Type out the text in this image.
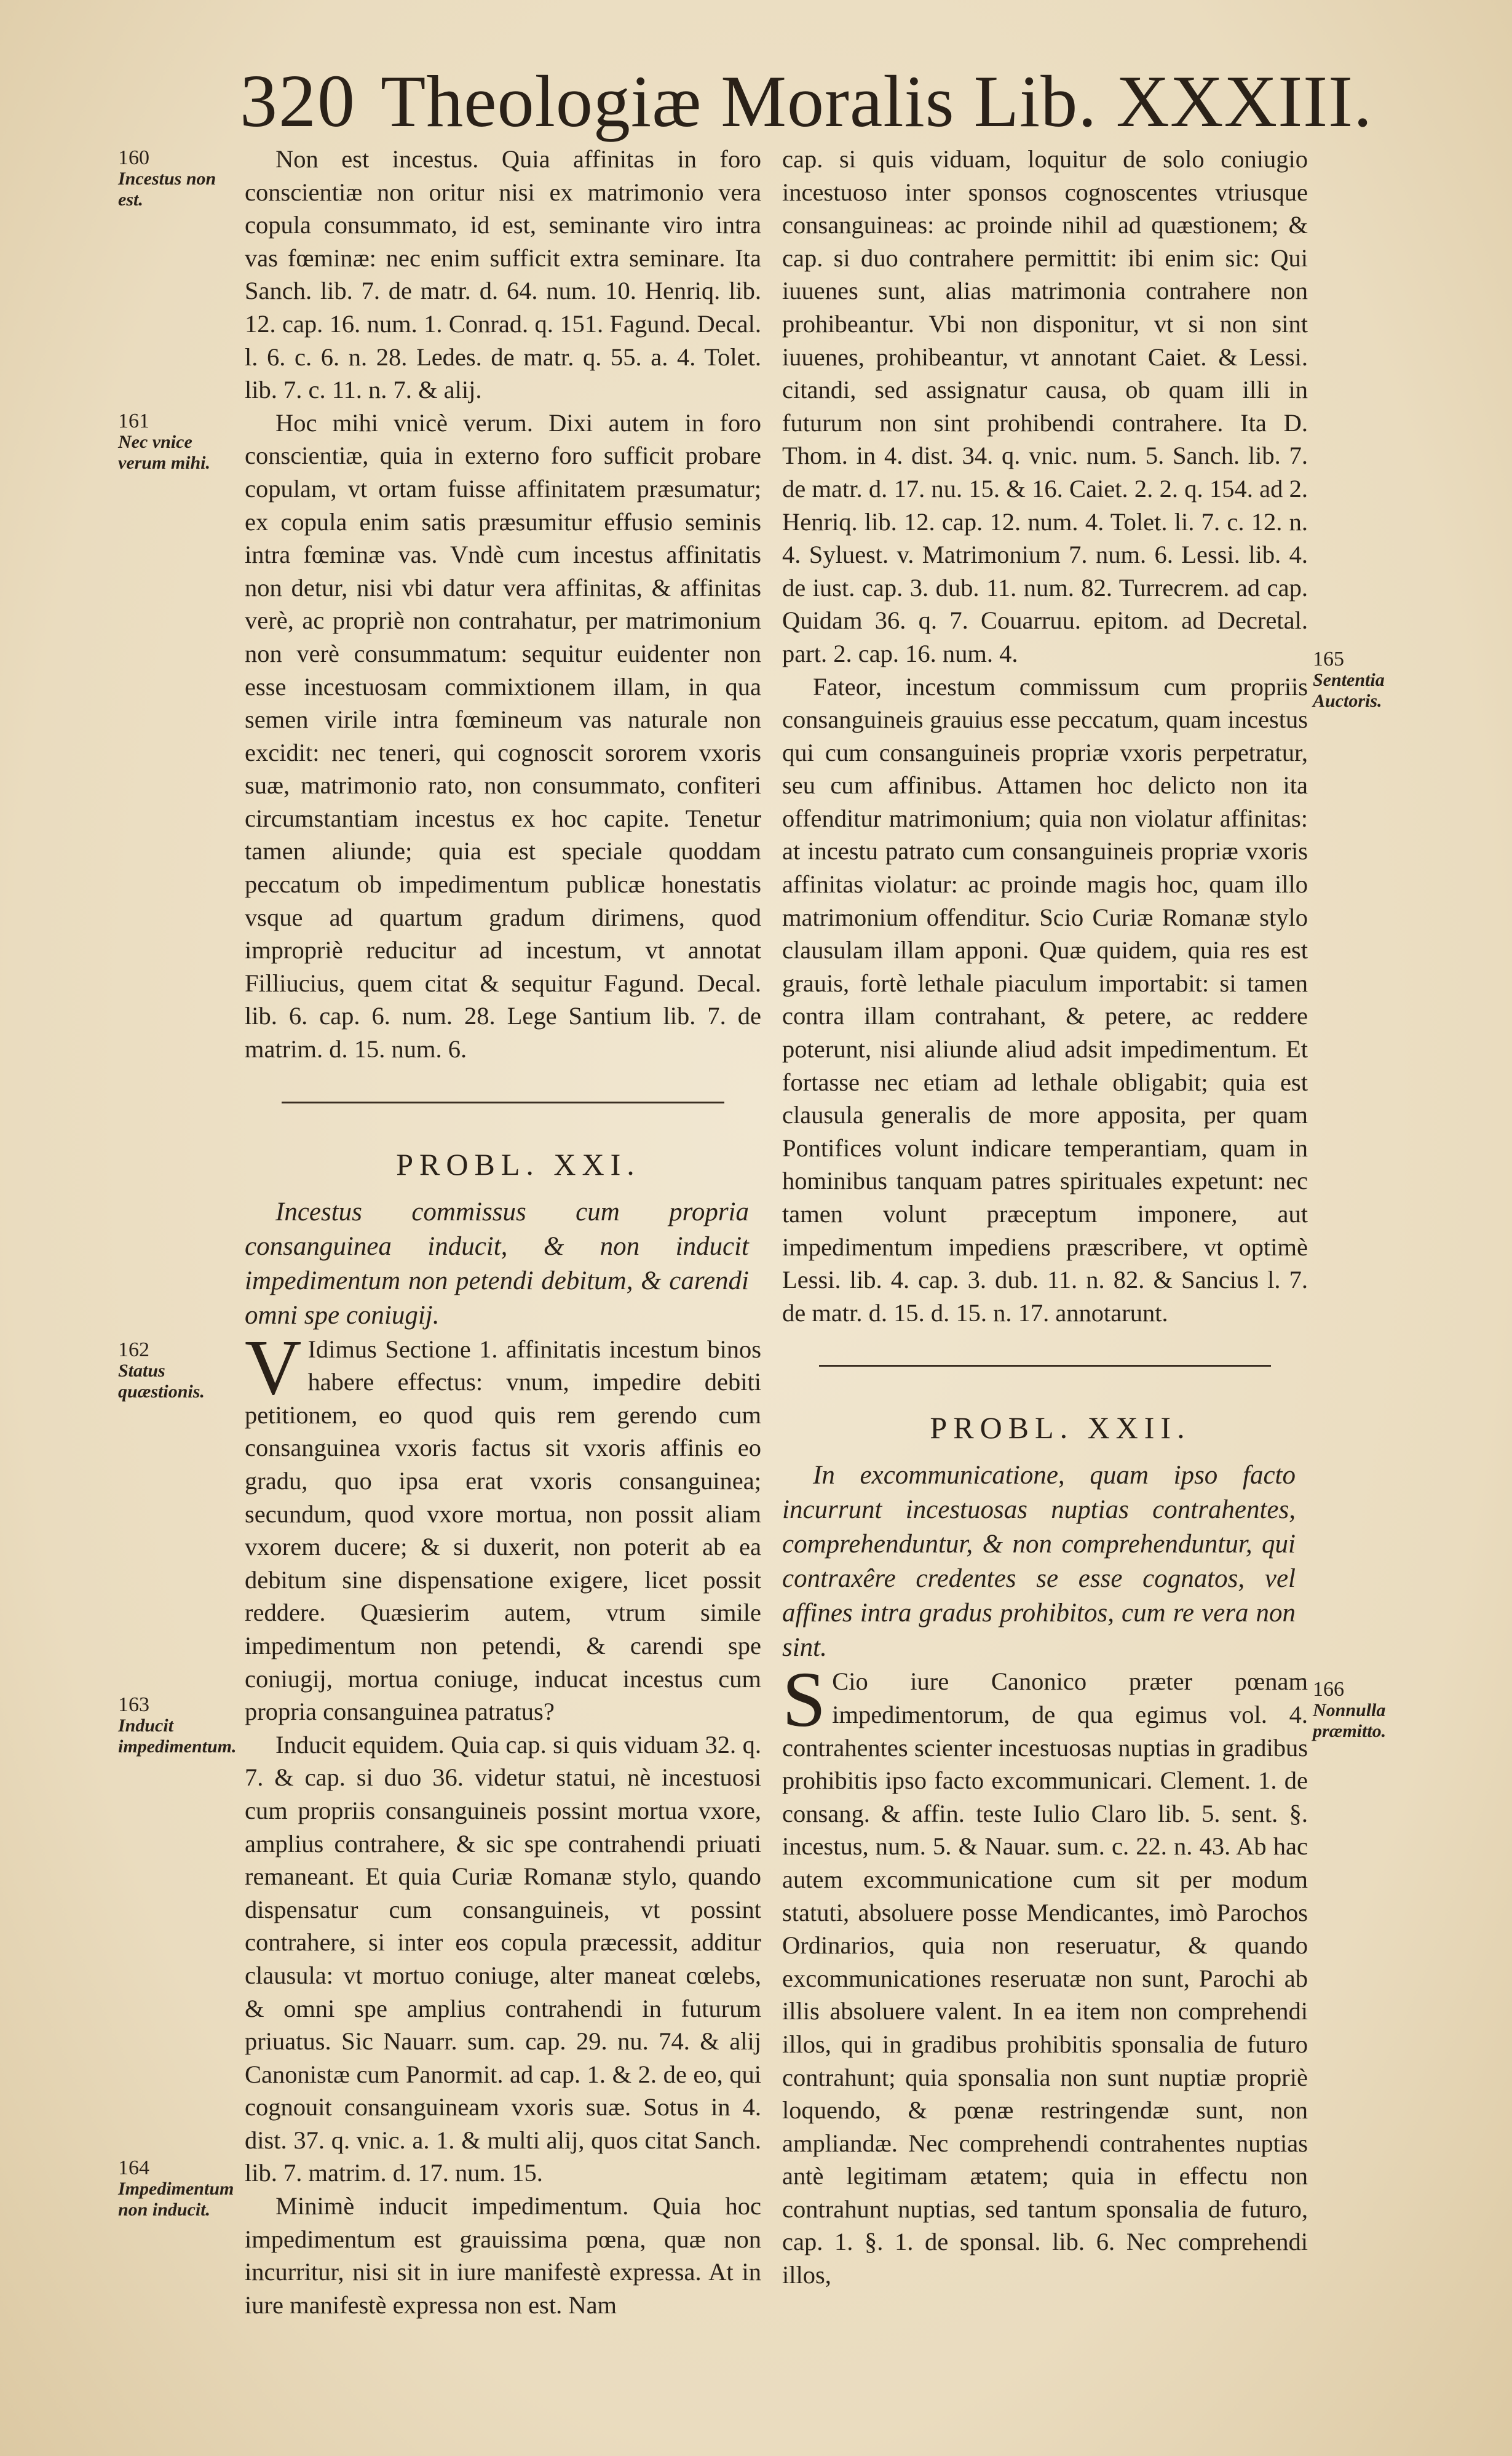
320 Theologiæ Moralis Lib. XXXIII.
160
Incestus non est.
161
Nec vnice verum mihi.
162
Status quæstionis.
163
Inducit impedimentum.
164
Impedimentum non inducit.
165
Sententia Auctoris.
166
Nonnulla præmitto.

Non est incestus. Quia affinitas in foro conscientiæ non oritur nisi ex matrimonio vera copula consummato, id est, seminante viro intra vas fœminæ: nec enim sufficit extra seminare. Ita Sanch. lib. 7. de matr. d. 64. num. 10. Henriq. lib. 12. cap. 16. num. 1. Conrad. q. 151. Fagund. Decal. l. 6. c. 6. n. 28. Ledes. de matr. q. 55. a. 4. Tolet. lib. 7. c. 11. n. 7. & alij.

Hoc mihi vnicè verum. Dixi autem in foro conscientiæ, quia in externo foro sufficit probare copulam, vt ortam fuisse affinitatem præsumatur; ex copula enim satis præsumitur effusio seminis intra fœminæ vas. Vndè cum incestus affinitatis non detur, nisi vbi datur vera affinitas, & affinitas verè, ac propriè non contrahatur, per matrimonium non verè consummatum: sequitur euidenter non esse incestuosam commixtionem illam, in qua semen virile intra fœmineum vas naturale non excidit: nec teneri, qui cognoscit sororem vxoris suæ, matrimonio rato, non consummato, confiteri circumstantiam incestus ex hoc capite. Tenetur tamen aliunde; quia est speciale quoddam peccatum ob impedimentum publicæ honestatis vsque ad quartum gradum dirimens, quod impropriè reducitur ad incestum, vt annotat Filliucius, quem citat & sequitur Fagund. Decal. lib. 6. cap. 6. num. 28. Lege Santium lib. 7. de matrim. d. 15. num. 6.

PROBL. XXI.

Incestus commissus cum propria consanguinea inducit, & non inducit impedimentum non petendi debitum, & carendi omni spe coniugij.

V Idimus Sectione 1. affinitatis incestum binos habere effectus: vnum, impedire debiti petitionem, eo quod quis rem gerendo cum consanguinea vxoris factus sit vxoris affinis eo gradu, quo ipsa erat vxoris consanguinea; secundum, quod vxore mortua, non possit aliam vxorem ducere; & si duxerit, non poterit ab ea debitum sine dispensatione exigere, licet possit reddere. Quæsierim autem, vtrum simile impedimentum non petendi, & carendi spe coniugij, mortua coniuge, inducat incestus cum propria consanguinea patratus?

Inducit equidem. Quia cap. si quis viduam 32. q. 7. & cap. si duo 36. videtur statui, nè incestuosi cum propriis consanguineis possint mortua vxore, amplius contrahere, & sic spe contrahendi priuati remaneant. Et quia Curiæ Romanæ stylo, quando dispensatur cum consanguineis, vt possint contrahere, si inter eos copula præcessit, additur clausula: vt mortuo coniuge, alter maneat cœlebs, & omni spe amplius contrahendi in futurum priuatus. Sic Nauarr. sum. cap. 29. nu. 74. & alij Canonistæ cum Panormit. ad cap. 1. & 2. de eo, qui cognouit consanguineam vxoris suæ. Sotus in 4. dist. 37. q. vnic. a. 1. & multi alij, quos citat Sanch. lib. 7. matrim. d. 17. num. 15.

Minimè inducit impedimentum. Quia hoc impedimentum est grauissima pœna, quæ non incurritur, nisi sit in iure manifestè expressa. At in iure manifestè expressa non est. Nam

cap. si quis viduam, loquitur de solo coniugio incestuoso inter sponsos cognoscentes vtriusque consanguineas: ac proinde nihil ad quæstionem; & cap. si duo contrahere permittit: ibi enim sic: Qui iuuenes sunt, alias matrimonia contrahere non prohibeantur. Vbi non disponitur, vt si non sint iuuenes, prohibeantur, vt annotant Caiet. & Lessi. citandi, sed assignatur causa, ob quam illi in futurum non sint prohibendi contrahere. Ita D. Thom. in 4. dist. 34. q. vnic. num. 5. Sanch. lib. 7. de matr. d. 17. nu. 15. & 16. Caiet. 2. 2. q. 154. ad 2. Henriq. lib. 12. cap. 12. num. 4. Tolet. li. 7. c. 12. n. 4. Syluest. v. Matrimonium 7. num. 6. Lessi. lib. 4. de iust. cap. 3. dub. 11. num. 82. Turrecrem. ad cap. Quidam 36. q. 7. Couarruu. epitom. ad Decretal. part. 2. cap. 16. num. 4.

Fateor, incestum commissum cum propriis consanguineis grauius esse peccatum, quam incestus qui cum consanguineis propriæ vxoris perpetratur, seu cum affinibus. Attamen hoc delicto non ita offenditur matrimonium; quia non violatur affinitas: at incestu patrato cum consanguineis propriæ vxoris affinitas violatur: ac proinde magis hoc, quam illo matrimonium offenditur. Scio Curiæ Romanæ stylo clausulam illam apponi. Quæ quidem, quia res est grauis, fortè lethale piaculum importabit: si tamen contra illam contrahant, & petere, ac reddere poterunt, nisi aliunde aliud adsit impedimentum. Et fortasse nec etiam ad lethale obligabit; quia est clausula generalis de more apposita, per quam Pontifices volunt indicare temperantiam, quam in hominibus tanquam patres spirituales expetunt: nec tamen volunt præceptum imponere, aut impedimentum impediens præscribere, vt optimè Lessi. lib. 4. cap. 3. dub. 11. n. 82. & Sancius l. 7. de matr. d. 15. d. 15. n. 17. annotarunt.

PROBL. XXII.

In excommunicatione, quam ipso facto incurrunt incestuosas nuptias contrahentes, comprehenduntur, & non comprehenduntur, qui contraxêre credentes se esse cognatos, vel affines intra gradus prohibitos, cum re vera non sint.

S Cio iure Canonico præter pœnam impedimentorum, de qua egimus vol. 4. contrahentes scienter incestuosas nuptias in gradibus prohibitis ipso facto excommunicari. Clement. 1. de consang. & affin. teste Iulio Claro lib. 5. sent. §. incestus, num. 5. & Nauar. sum. c. 22. n. 43. Ab hac autem excommunicatione cum sit per modum statuti, absoluere posse Mendicantes, imò Parochos Ordinarios, quia non reseruatur, & quando excommunicationes reseruatæ non sunt, Parochi ab illis absoluere valent. In ea item non comprehendi illos, qui in gradibus prohibitis sponsalia de futuro contrahunt; quia sponsalia non sunt nuptiæ propriè loquendo, & pœnæ restringendæ sunt, non ampliandæ. Nec comprehendi contrahentes nuptias antè legitimam ætatem; quia in effectu non contrahunt nuptias, sed tantum sponsalia de futuro, cap. 1. §. 1. de sponsal. lib. 6. Nec comprehendi illos,
